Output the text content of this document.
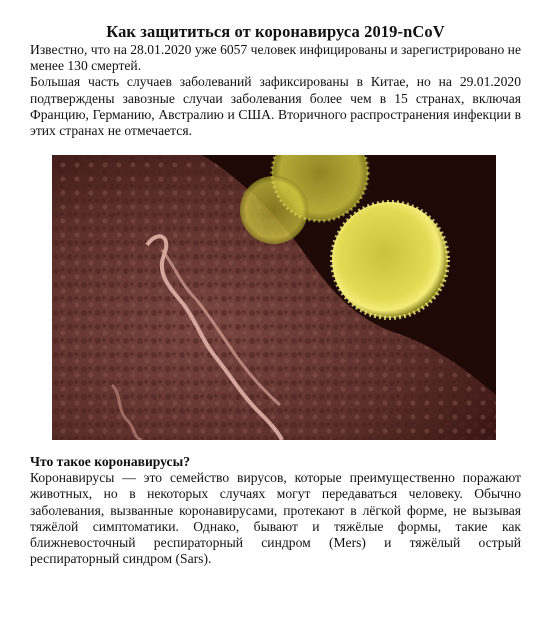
Как защититься от коронавируса 2019-nCoV

Известно, что на 28.01.2020 уже 6057 человек инфицированы и зарегистрировано не менее 130 смертей.

Большая часть случаев заболеваний зафиксированы в Китае, но на 29.01.2020 подтверждены завозные случаи заболевания более чем в 15 странах, включая Францию, Германию, Австралию и США. Вторичного распространения инфекции в этих странах не отмечается.

Что такое коронавирусы?

Коронавирусы — это семейство вирусов, которые преимущественно поражают животных, но в некоторых случаях могут передаваться человеку. Обычно заболевания, вызванные коронавирусами, протекают в лёгкой форме, не вызывая тяжёлой симптоматики. Однако, бывают и тяжёлые формы, такие как ближневосточный респираторный синдром (Mers) и тяжёлый острый респираторный синдром (Sars).
